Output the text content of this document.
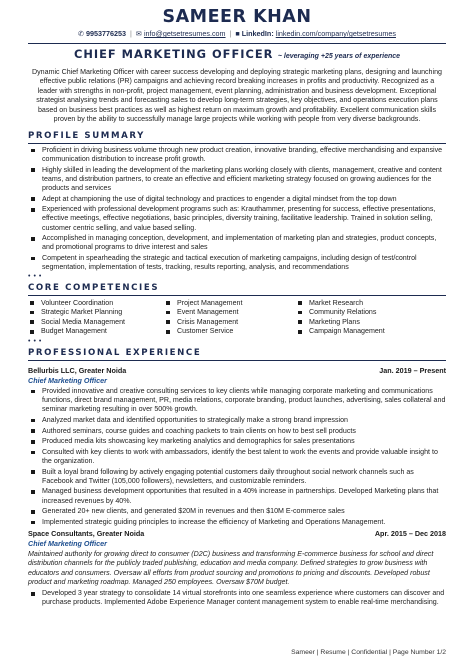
SAMEER KHAN
✆ 9953776253 | ✉ info@getsetresumes.com | ■ LinkedIn: linkedin.com/company/getsetresumes
CHIEF MARKETING OFFICER ~ leveraging +25 years of experience
Dynamic Chief Marketing Officer with career success developing and deploying strategic marketing plans, designing and launching effective public relations (PR) campaigns and achieving record breaking increases in profits and productivity. Recognized as a leader with strengths in non-profit, project management, event planning, administration and business development. Exceptional strategist analysing trends and forecasting sales to develop long-term strategies, key objectives, and operations execution plans based on business best practices as well as highest return on maximum growth and profitability. Excellent communication skills proven by the ability to successfully manage large projects while working with people from very diverse backgrounds.
PROFILE SUMMARY
Proficient in driving business volume through new product creation, innovative branding, effective merchandising and expansive communication distribution to increase profit growth.
Highly skilled in leading the development of the marketing plans working closely with clients, management, creative and content teams, and distribution partners, to create an effective and efficient marketing strategy focused on growing audiences for the products and services
Adept at championing the use of digital technology and practices to engender a digital mindset from the top down
Experienced with professional development programs such as: Krauthammer, presenting for success, effective presentations, effective meetings, effective negotiations, basic principles, diversity training, facilitative leadership. Trained in solution selling, customer centric selling, and value based selling.
Accomplished in managing conception, development, and implementation of marketing plan and strategies, product concepts, and promotional programs to drive interest and sales
Competent in spearheading the strategic and tactical execution of marketing campaigns, including design of test/control segmentation, implementation of tests, tracking, results reporting, analysis, and recommendations
•••
CORE COMPETENCIES
Volunteer Coordination
Strategic Market Planning
Social Media Management
Budget Management
Project Management
Event Management
Crisis Management
Customer Service
Market Research
Community Relations
Marketing Plans
Campaign Management
•••
PROFESSIONAL EXPERIENCE
Bellurbis LLC, Greater Noida	Jan. 2019 – Present
Chief Marketing Officer
Provided innovative and creative consulting services to key clients while managing corporate marketing and communications functions, direct brand management, PR, media relations, corporate branding, product launches, advertising, sales collateral and seminar marketing resulting in over 500% growth.
Analyzed market data and identified opportunities to strategically make a strong brand impression
Authored seminars, course guides and coaching packets to train clients on how to best sell products
Produced media kits showcasing key marketing analytics and demographics for sales presentations
Consulted with key clients to work with ambassadors, identify the best talent to work the events and provide valuable insight to the organization.
Built a loyal brand following by actively engaging potential customers daily throughout social network channels such as Facebook and Twitter (105,000 followers), newsletters, and customizable reminders.
Managed business development opportunities that resulted in a 40% increase in partnerships. Developed Marketing plans that increased revenues by 40%.
Generated 20+ new clients, and generated $20M in revenues and then $10M E-commerce sales
Implemented strategic guiding principles to increase the efficiency of Marketing and Operations Management.
Space Consultants, Greater Noida	Apr. 2015 – Dec 2018
Chief Marketing Officer
Maintained authority for growing direct to consumer (D2C) business and transforming E-commerce business for school and direct distribution channels for the publicly traded publishing, education and media company. Defined strategies to grow business with educators and consumers. Oversaw all efforts from product sourcing and promotions to pricing and discounts. Developed robust product and marketing roadmap. Managed 250 employees. Oversaw $70M budget.
Developed 3 year strategy to consolidate 14 virtual storefronts into one seamless experience where customers can discover and purchase products. Implemented Adobe Experience Manager content management system to enable real-time merchandising.
Sameer | Resume | Confidential | Page Number 1/2
